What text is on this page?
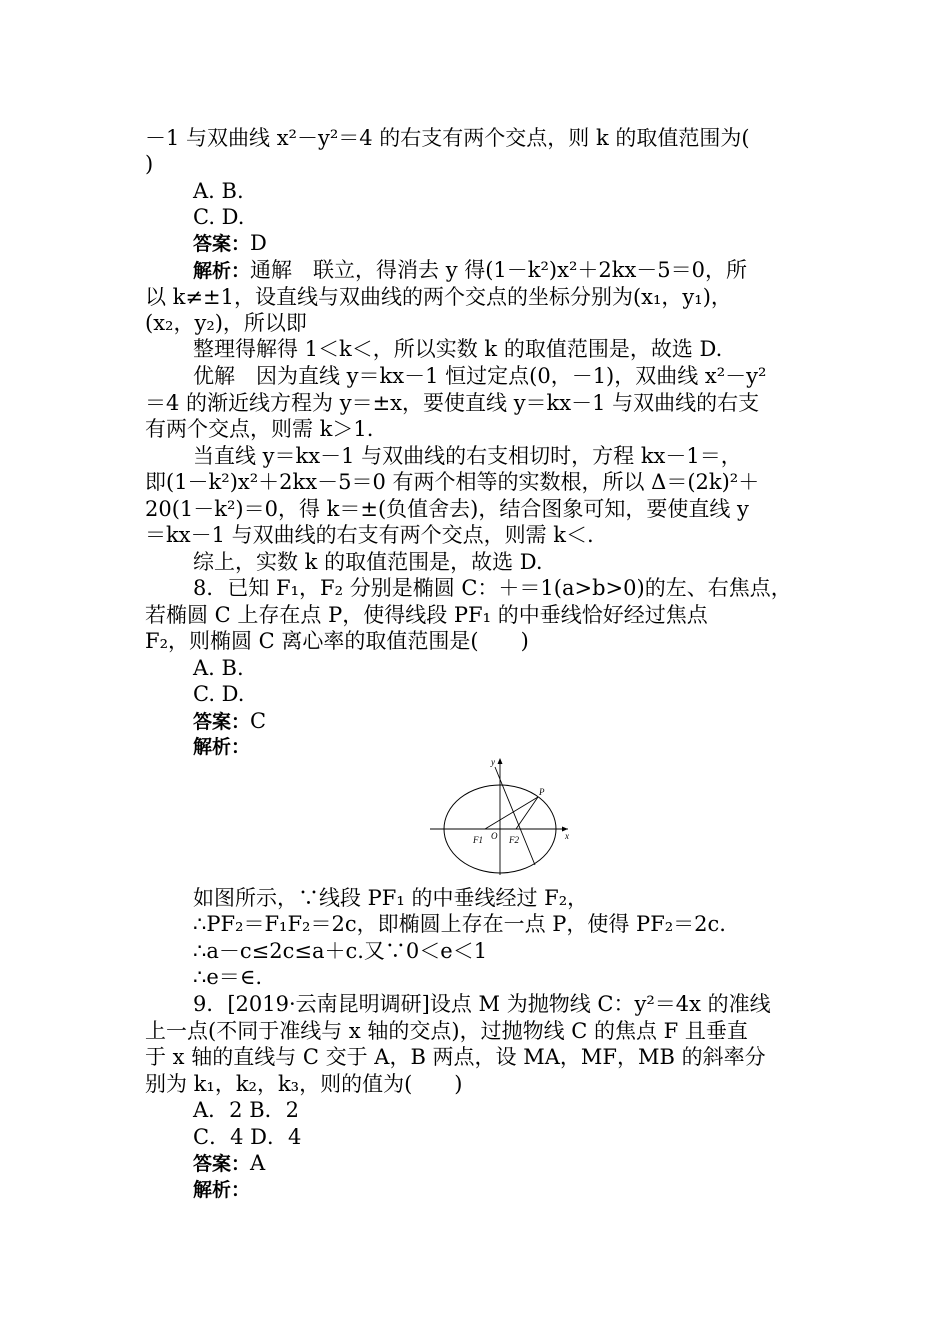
－1 与双曲线 x²－y²＝4 的右支有两个交点，则 k 的取值范围为(
)
A. B.
C. D.
答案：D
解析：通解　联立，得消去 y 得(1－k²)x²＋2kx－5＝0，所
以 k≠±1，设直线与双曲线的两个交点的坐标分别为(x₁，y₁)，
(x₂，y₂)，所以即
整理得解得 1＜k＜，所以实数 k 的取值范围是，故选 D.
优解　因为直线 y＝kx－1 恒过定点(0，－1)，双曲线 x²－y²
＝4 的渐近线方程为 y＝±x，要使直线 y＝kx－1 与双曲线的右支
有两个交点，则需 k＞1.
当直线 y＝kx－1 与双曲线的右支相切时，方程 kx－1＝，
即(1－k²)x²＋2kx－5＝0 有两个相等的实数根，所以 Δ＝(2k)²＋
20(1－k²)＝0，得 k＝±(负值舍去)，结合图象可知，要使直线 y
＝kx－1 与双曲线的右支有两个交点，则需 k＜.
综上，实数 k 的取值范围是，故选 D.
8．已知 F₁，F₂ 分别是椭圆 C：＋＝1(a>b>0)的左、右焦点，
若椭圆 C 上存在点 P，使得线段 PF₁ 的中垂线恰好经过焦点
F₂，则椭圆 C 离心率的取值范围是(　　)
A. B.
C. D.
答案：C
解析：
y
x
P
O
F1	F2
如图所示，∵线段 PF₁ 的中垂线经过 F₂，
∴PF₂＝F₁F₂＝2c，即椭圆上存在一点 P，使得 PF₂＝2c.
∴a－c≤2c≤a＋c.又∵0＜e＜1
∴e＝∈.
9．[2019·云南昆明调研]设点 M 为抛物线 C：y²＝4x 的准线
上一点(不同于准线与 x 轴的交点)，过抛物线 C 的焦点 F 且垂直
于 x 轴的直线与 C 交于 A，B 两点，设 MA，MF，MB 的斜率分
别为 k₁，k₂，k₃，则的值为(　　)
A．2 B．2
C．4 D．4
答案：A
解析：
